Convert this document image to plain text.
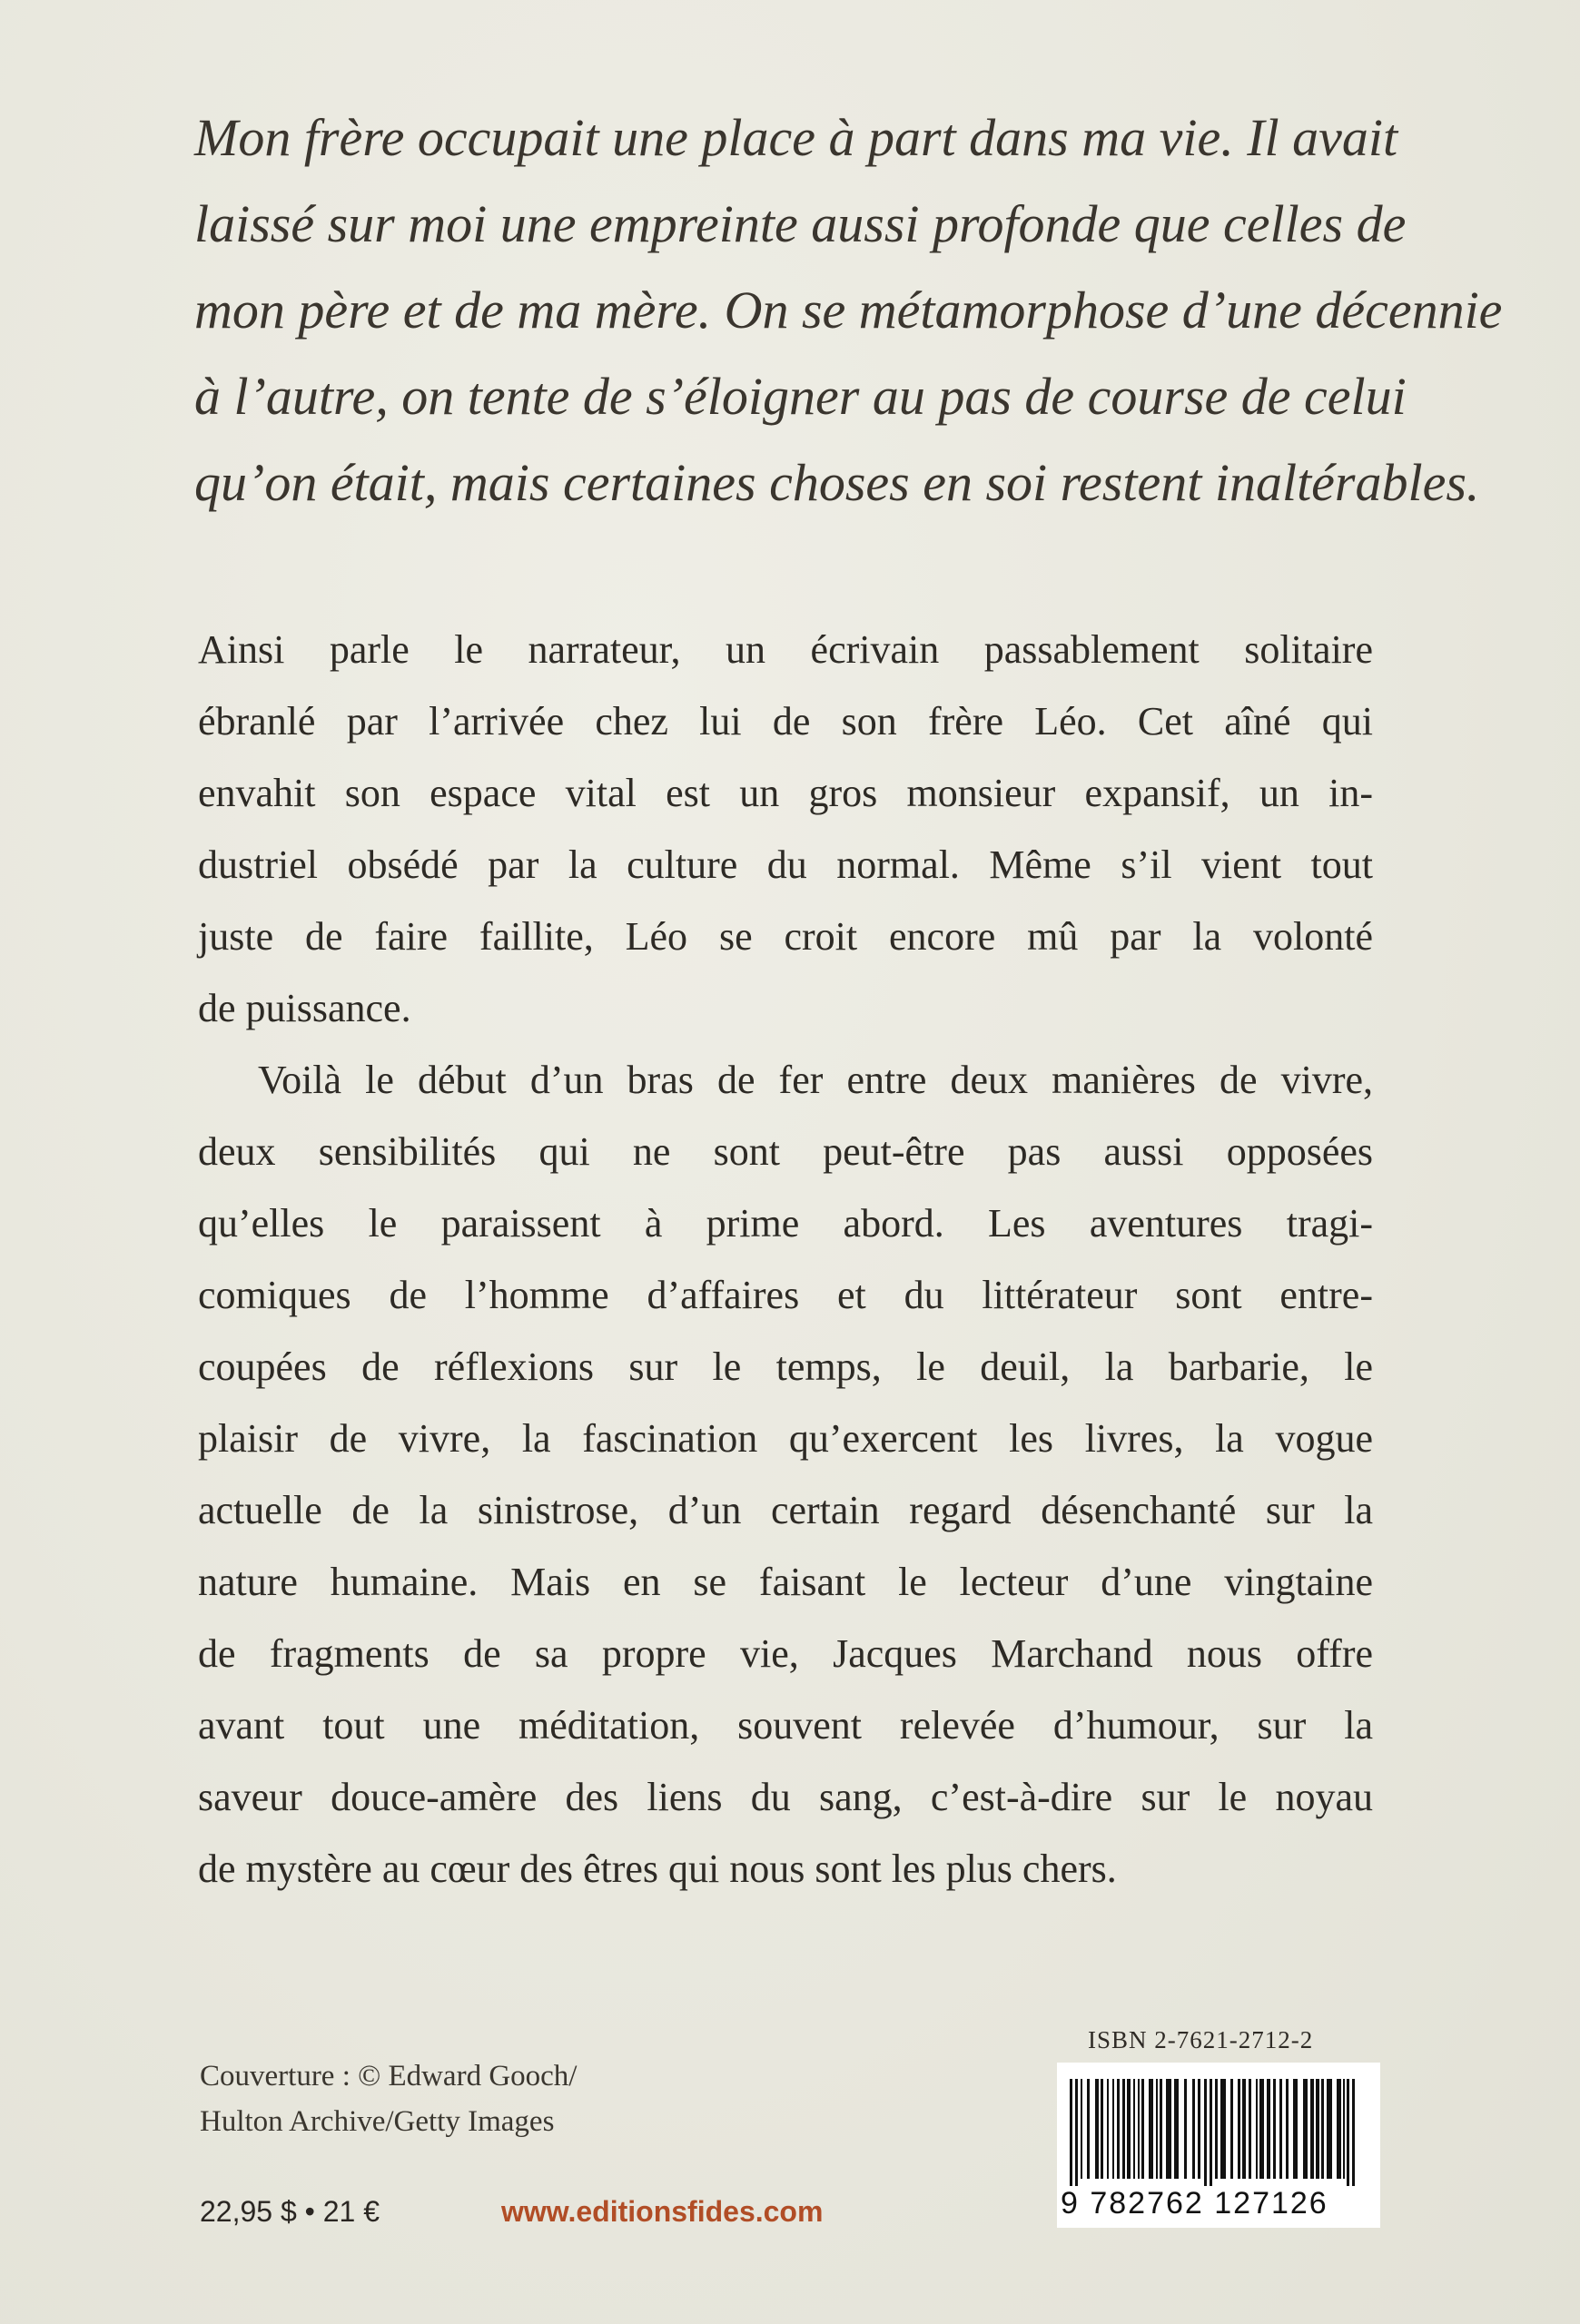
Mon frère occupait une place à part dans ma vie. Il avait
laissé sur moi une empreinte aussi profonde que celles de
mon père et de ma mère. On se métamorphose d’une décennie
à l’autre, on tente de s’éloigner au pas de course de celui
qu’on était, mais certaines choses en soi restent inaltérables.
Ainsi parle le narrateur, un écrivain passablement solitaire
ébranlé par l’arrivée chez lui de son frère Léo. Cet aîné qui
envahit son espace vital est un gros monsieur expansif, un in-
dustriel obsédé par la culture du normal. Même s’il vient tout
juste de faire faillite, Léo se croit encore mû par la volonté
de puissance.
Voilà le début d’un bras de fer entre deux manières de vivre,
deux sensibilités qui ne sont peut-être pas aussi opposées
qu’elles le paraissent à prime abord. Les aventures tragi-
comiques de l’homme d’affaires et du littérateur sont entre-
coupées de réflexions sur le temps, le deuil, la barbarie, le
plaisir de vivre, la fascination qu’exercent les livres, la vogue
actuelle de la sinistrose, d’un certain regard désenchanté sur la
nature humaine. Mais en se faisant le lecteur d’une vingtaine
de fragments de sa propre vie, Jacques Marchand nous offre
avant tout une méditation, souvent relevée d’humour, sur la
saveur douce-amère des liens du sang, c’est-à-dire sur le noyau
de mystère au cœur des êtres qui nous sont les plus chers.
Couverture : © Edward Gooch/
Hulton Archive/Getty Images
22,95 $ • 21 €	www.editionsfides.com
ISBN 2-7621-2712-2
9 782762 127126
